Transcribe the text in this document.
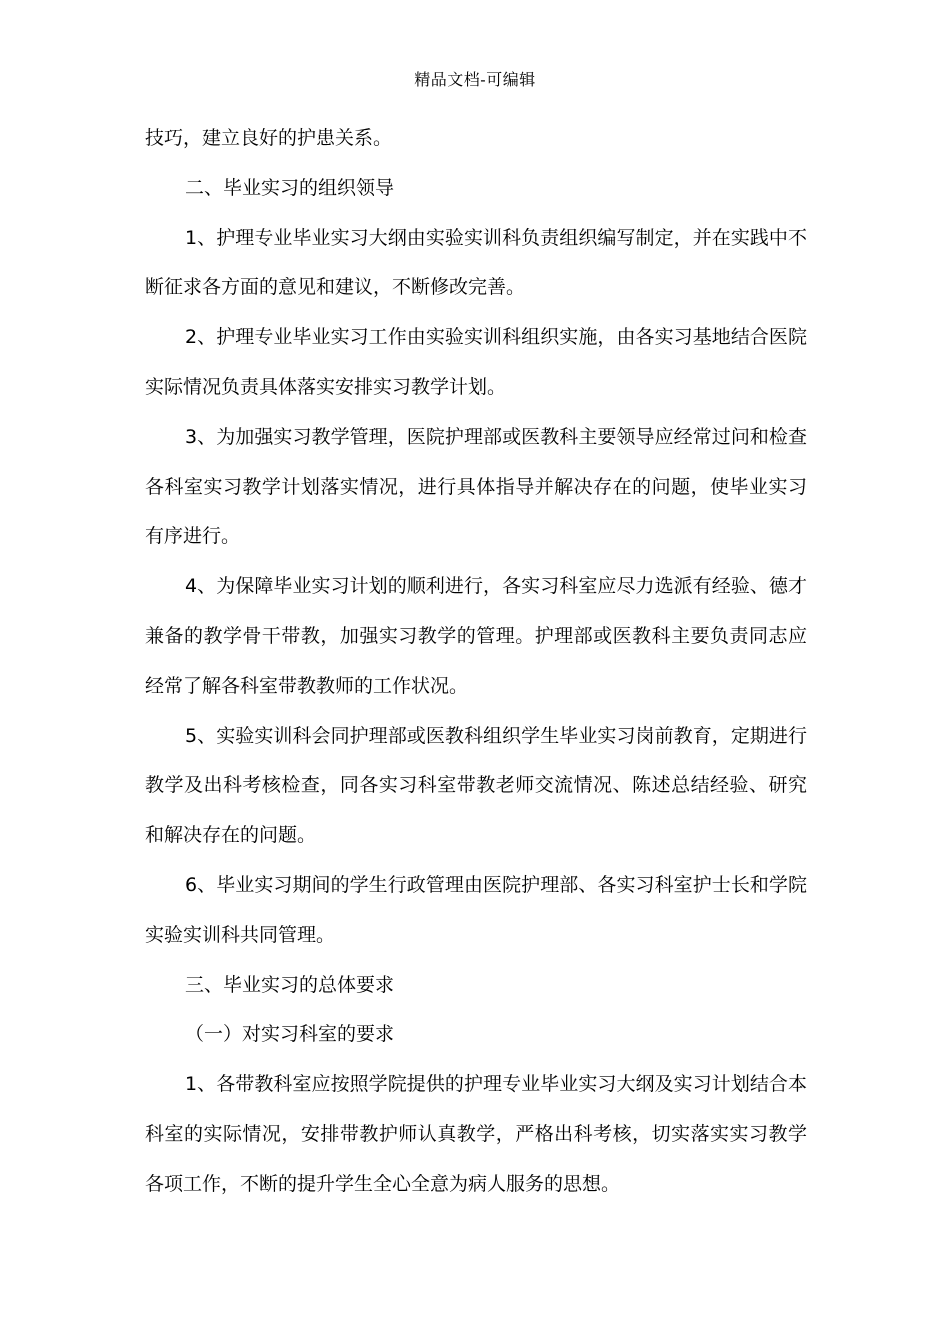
精品文档-可编辑

技巧，建立良好的护患关系。

二、毕业实习的组织领导

1、护理专业毕业实习大纲由实验实训科负责组织编写制定，并在实践中不断征求各方面的意见和建议，不断修改完善。

2、护理专业毕业实习工作由实验实训科组织实施，由各实习基地结合医院实际情况负责具体落实安排实习教学计划。

3、为加强实习教学管理，医院护理部或医教科主要领导应经常过问和检查各科室实习教学计划落实情况，进行具体指导并解决存在的问题，使毕业实习有序进行。

4、为保障毕业实习计划的顺利进行，各实习科室应尽力选派有经验、德才兼备的教学骨干带教，加强实习教学的管理。护理部或医教科主要负责同志应经常了解各科室带教教师的工作状况。

5、实验实训科会同护理部或医教科组织学生毕业实习岗前教育，定期进行教学及出科考核检查，同各实习科室带教老师交流情况、陈述总结经验、研究和解决存在的问题。

6、毕业实习期间的学生行政管理由医院护理部、各实习科室护士长和学院实验实训科共同管理。

三、毕业实习的总体要求

（一）对实习科室的要求

1、各带教科室应按照学院提供的护理专业毕业实习大纲及实习计划结合本科室的实际情况，安排带教护师认真教学，严格出科考核，切实落实实习教学各项工作，不断的提升学生全心全意为病人服务的思想。
